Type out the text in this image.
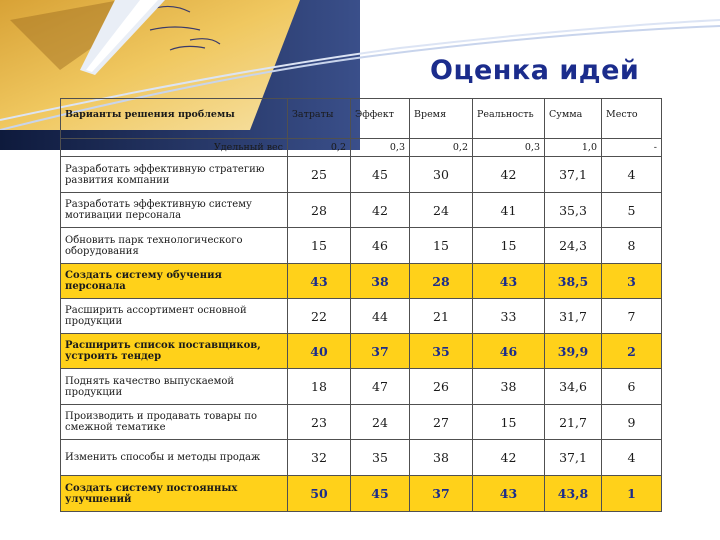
Оценка идей
Варианты решения проблемы	Затраты	Эффект	Время	Реальность	Сумма	Место
Удельный вес	0,2	0,3	0,2	0,3	1,0	-
Разработать эффективную стратегию развития компании	25	45	30	42	37,1	4
Разработать эффективную систему мотивации персонала	28	42	24	41	35,3	5
Обновить парк технологического оборудования	15	46	15	15	24,3	8
Создать систему обучения персонала	43	38	28	43	38,5	3
Расширить ассортимент основной продукции	22	44	21	33	31,7	7
Расширить список поставщиков, устроить тендер	40	37	35	46	39,9	2
Поднять качество выпускаемой продукции	18	47	26	38	34,6	6
Производить и продавать товары по смежной тематике	23	24	27	15	21,7	9
Изменить способы и методы продаж	32	35	38	42	37,1	4
Создать систему постоянных улучшений	50	45	37	43	43,8	1
